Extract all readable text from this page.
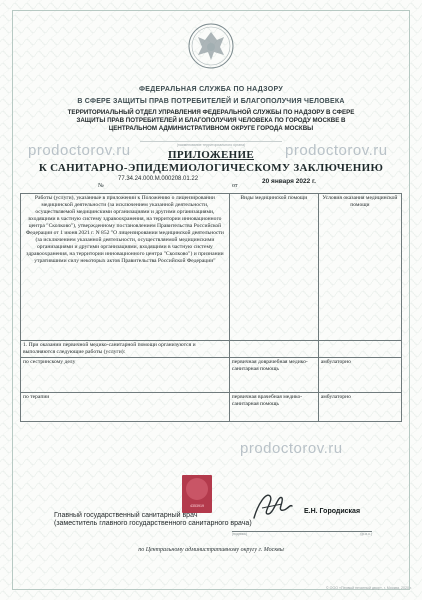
prodoctorov.ru	prodoctorov.ru
prodoctorov.ru
ФЕДЕРАЛЬНАЯ СЛУЖБА ПО НАДЗОРУ
В СФЕРЕ ЗАЩИТЫ ПРАВ ПОТРЕБИТЕЛЕЙ И БЛАГОПОЛУЧИЯ ЧЕЛОВЕКА
ТЕРРИТОРИАЛЬНЫЙ ОТДЕЛ УПРАВЛЕНИЯ ФЕДЕРАЛЬНОЙ СЛУЖБЫ ПО НАДЗОРУ В СФЕРЕ ЗАЩИТЫ ПРАВ ПОТРЕБИТЕЛЕЙ И БЛАГОПОЛУЧИЯ ЧЕЛОВЕКА ПО ГОРОДУ МОСКВЕ В ЦЕНТРАЛЬНОМ АДМИНИСТРАТИВНОМ ОКРУГЕ ГОРОДА МОСКВЫ
(наименование территориального органа)
ПРИЛОЖЕНИЕ
К САНИТАРНО-ЭПИДЕМИОЛОГИЧЕСКОМУ ЗАКЛЮЧЕНИЮ
77.34.24.000.М.000208.01.22
№
20 января 2022 г.
от
Работы (услуги), указанные в приложении к Положению о лицензировании медицинской деятельности (за исключением указанной деятельности, осуществляемой медицинскими организациями и другими организациями, входящими в частную систему здравоохранения, на территории инновационного центра "Сколково"), утвержденному постановлением Правительства Российской Федерации от 1 июня 2021 г. N 852 "О лицензировании медицинской деятельности (за исключением указанной деятельности, осуществляемой медицинскими организациями и другими организациями, входящими в частную систему здравоохранения, на территории инновационного центра "Сколково") и признании утратившими силу некоторых актов Правительства Российской Федерации"	Виды медицинской помощи	Условия оказания медицинской помощи
1. При оказании первичной медико-санитарной помощи организуются и выполняются следующие работы (услуги):		
по сестринскому делу	первичная доврачебная медико-санитарная помощь	амбулаторно
по терапии	первичная врачебная медико-санитарная помощь	амбулаторно
4353919
Главный государственный санитарный врач
(заместитель главного государственного санитарного врача)
Е.Н. Городиская
(подпись)	(ф.и.о.)
по Центральному административному округу г. Москвы
© ООО «Первый печатный двор», г. Москва, 2020 г.
